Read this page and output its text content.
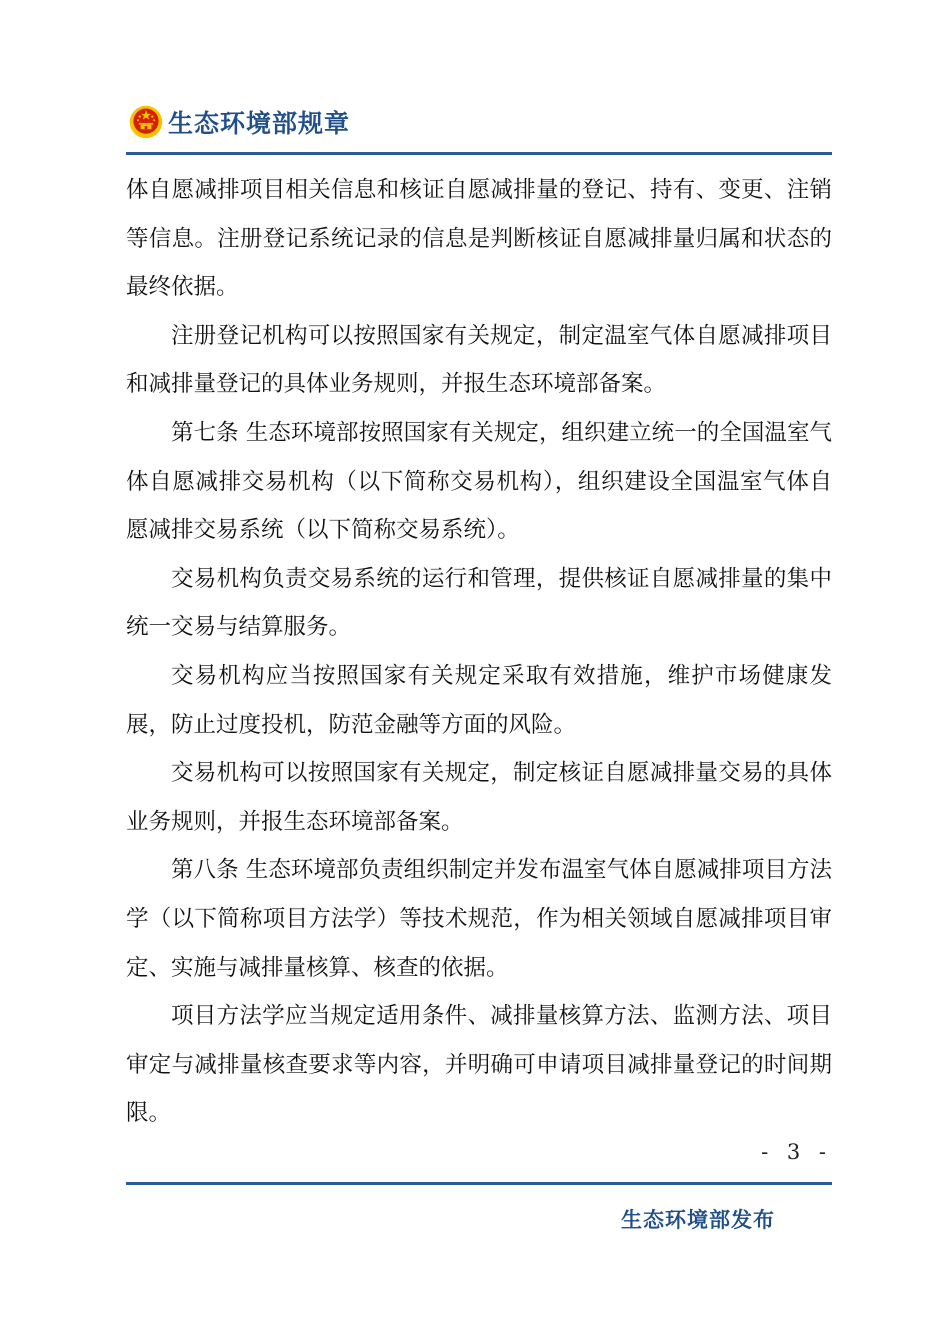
生态环境部规章

体自愿减排项目相关信息和核证自愿减排量的登记、持有、变更、注销等信息。注册登记系统记录的信息是判断核证自愿减排量归属和状态的最终依据。

注册登记机构可以按照国家有关规定，制定温室气体自愿减排项目和减排量登记的具体业务规则，并报生态环境部备案。

第七条 生态环境部按照国家有关规定，组织建立统一的全国温室气体自愿减排交易机构（以下简称交易机构），组织建设全国温室气体自愿减排交易系统（以下简称交易系统）。

交易机构负责交易系统的运行和管理，提供核证自愿减排量的集中统一交易与结算服务。

交易机构应当按照国家有关规定采取有效措施，维护市场健康发展，防止过度投机，防范金融等方面的风险。

交易机构可以按照国家有关规定，制定核证自愿减排量交易的具体业务规则，并报生态环境部备案。

第八条 生态环境部负责组织制定并发布温室气体自愿减排项目方法学（以下简称项目方法学）等技术规范，作为相关领域自愿减排项目审定、实施与减排量核算、核查的依据。

项目方法学应当规定适用条件、减排量核算方法、监测方法、项目审定与减排量核查要求等内容，并明确可申请项目减排量登记的时间期限。

- 3 -
生态环境部发布
